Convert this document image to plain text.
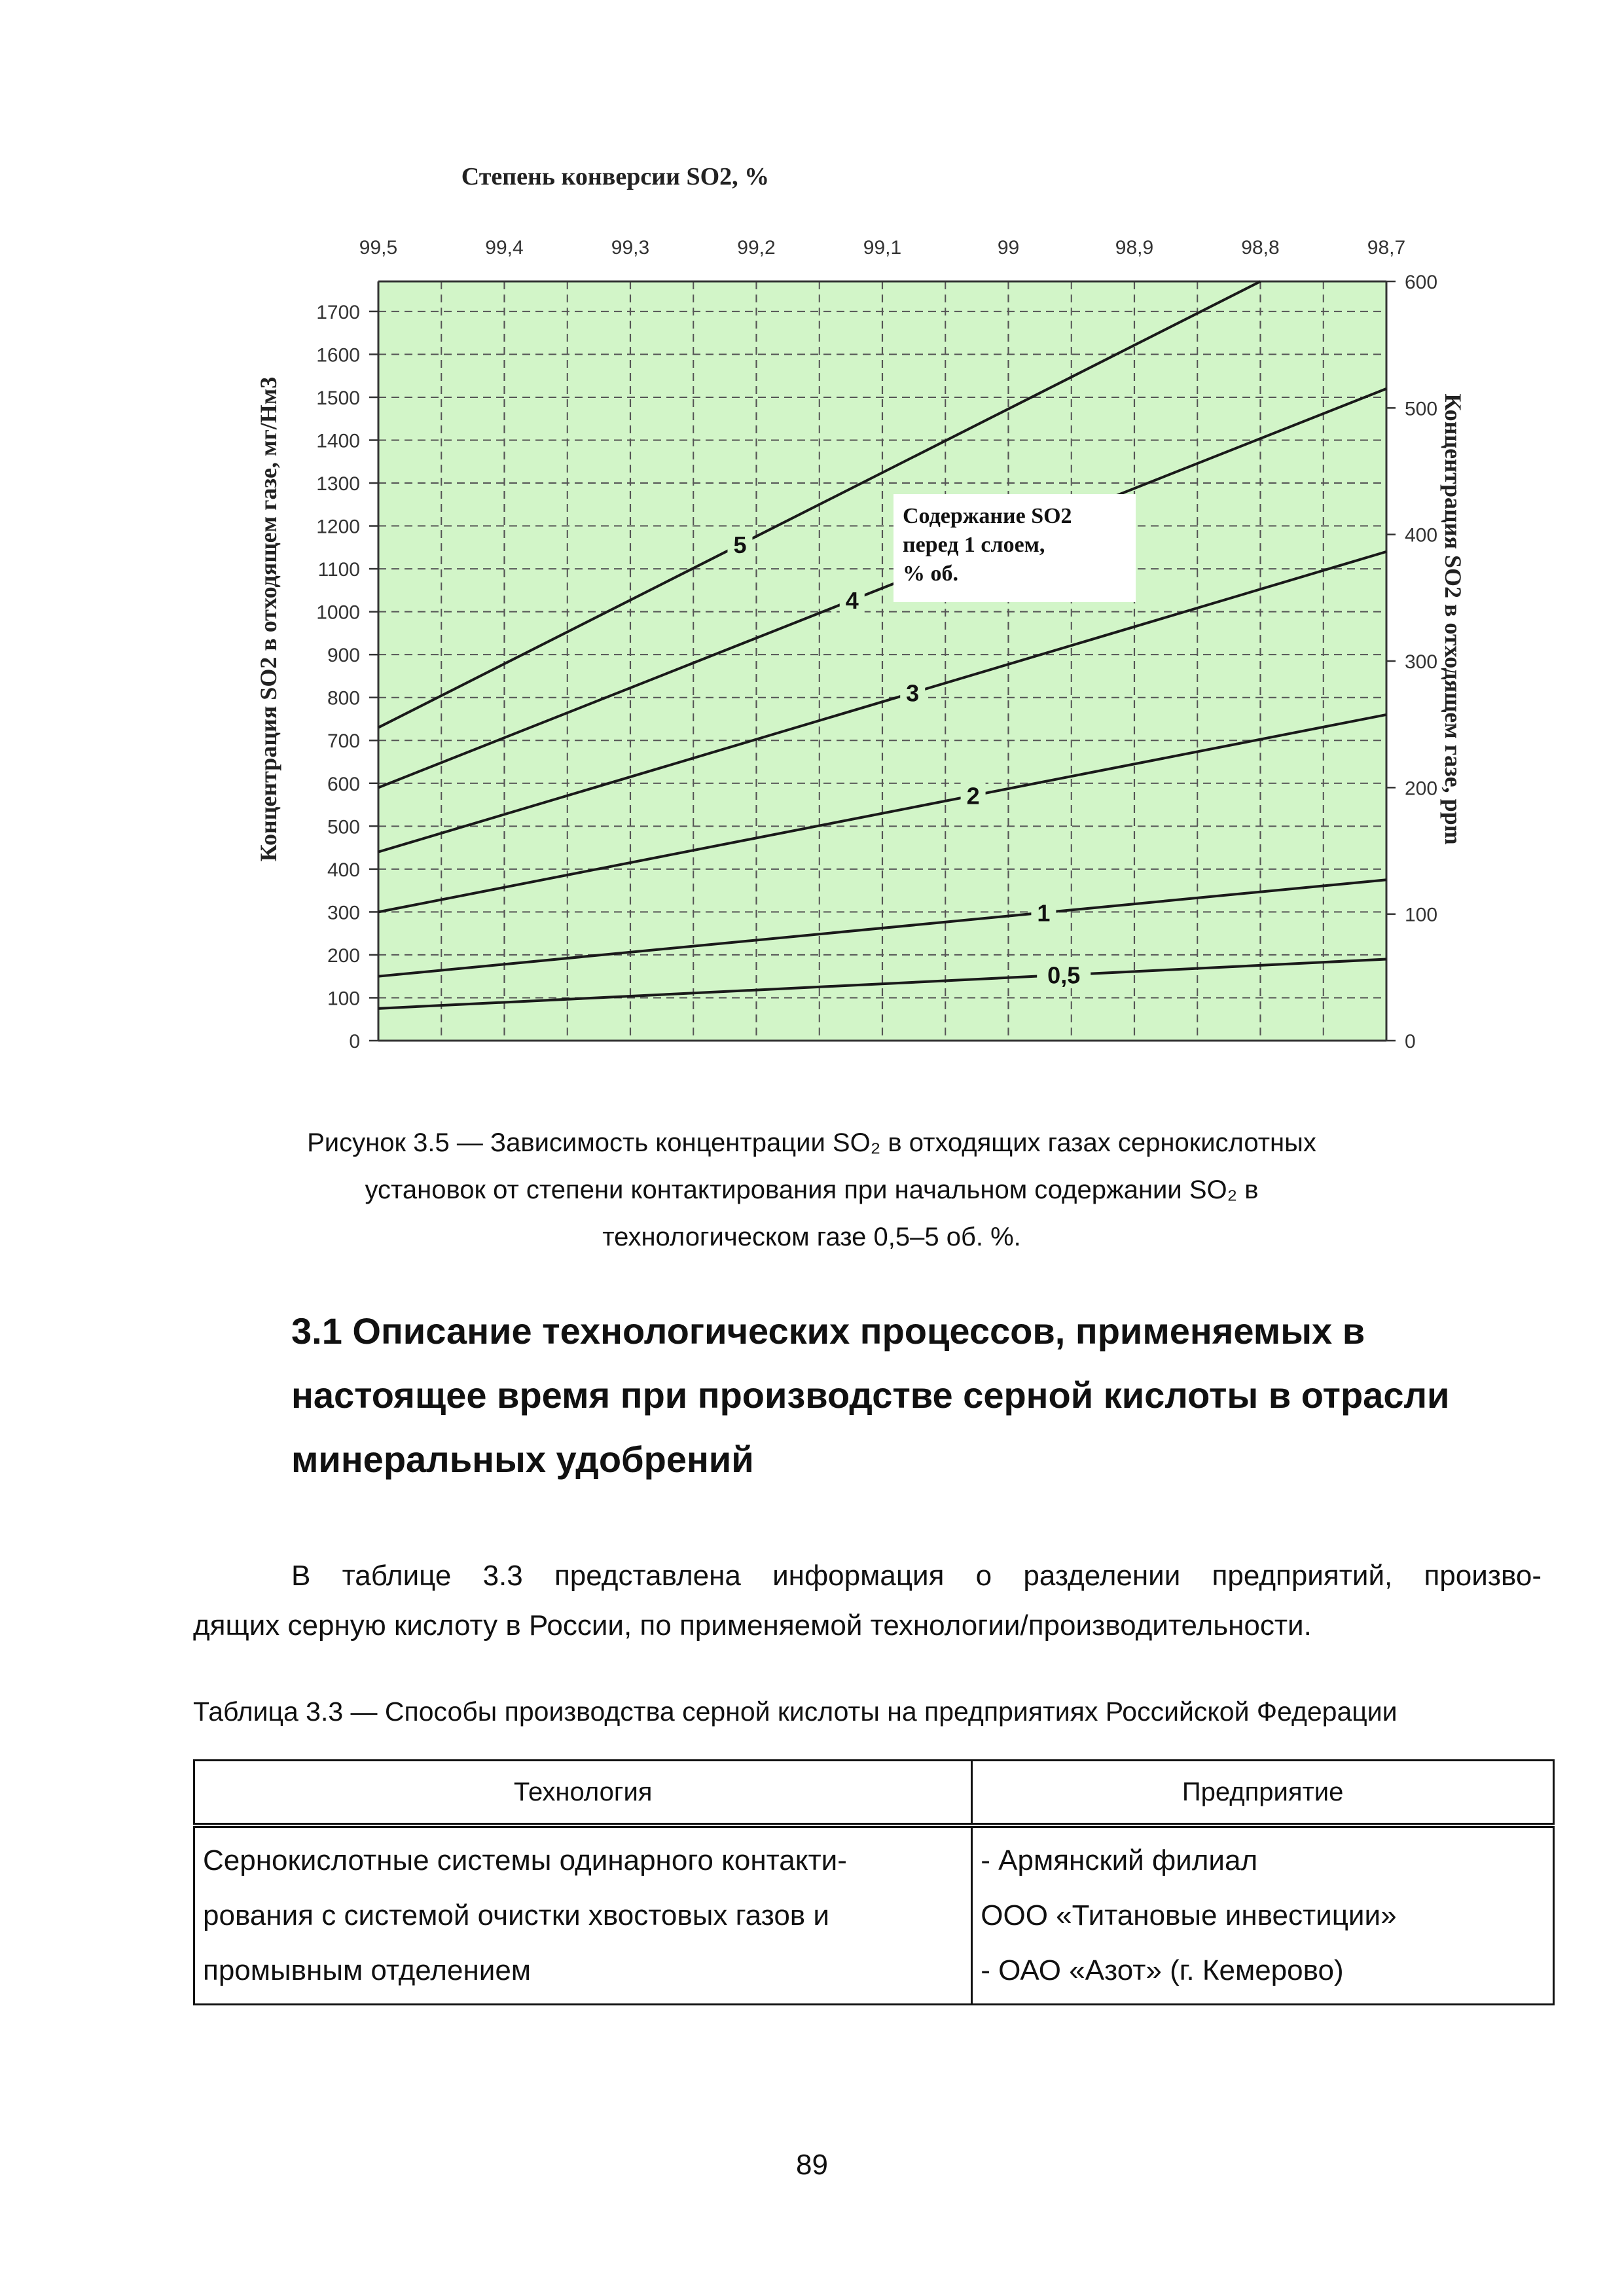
Степень конверсии SO2, %
Концентрация SO2 в отходящем газе, мг/Нм3	Концентрация SO2 в отходящем газе, ppm
99,5	99,4	99,3	99,2	99,1	99	98,9	98,8	98,7
0
100
200
300
400
500
600
700
800
900
1000
1100
1200
1300
1400
1500
1600
1700
0
100
200
300
400
500
600
0,5
1
2
3
4
5
Содержание SO2
перед 1 слоем,
% об.
Рисунок 3.5 — Зависимость концентрации SO₂ в отходящих газах сернокислотных
установок от степени контактирования при начальном содержании SO₂ в
технологическом газе 0,5–5 об. %.
3.1 Описание технологических процессов, применяемых в
настоящее время при производстве серной кислоты в отрасли
минеральных удобрений
В таблице 3.3 представлена информация о разделении предприятий, произво-
дящих серную кислоту в России, по применяемой технологии/производительности.
Таблица 3.3 — Способы производства серной кислоты на предприятиях Российской Федерации
Технология	Предприятие

Сернокислотные системы одинарного контакти-
рования с системой очистки хвостовых газов и
промывным отделением	- Армянский филиал
ООО «Титановые инвестиции»
- ОАО «Азот» (г. Кемерово)
89
